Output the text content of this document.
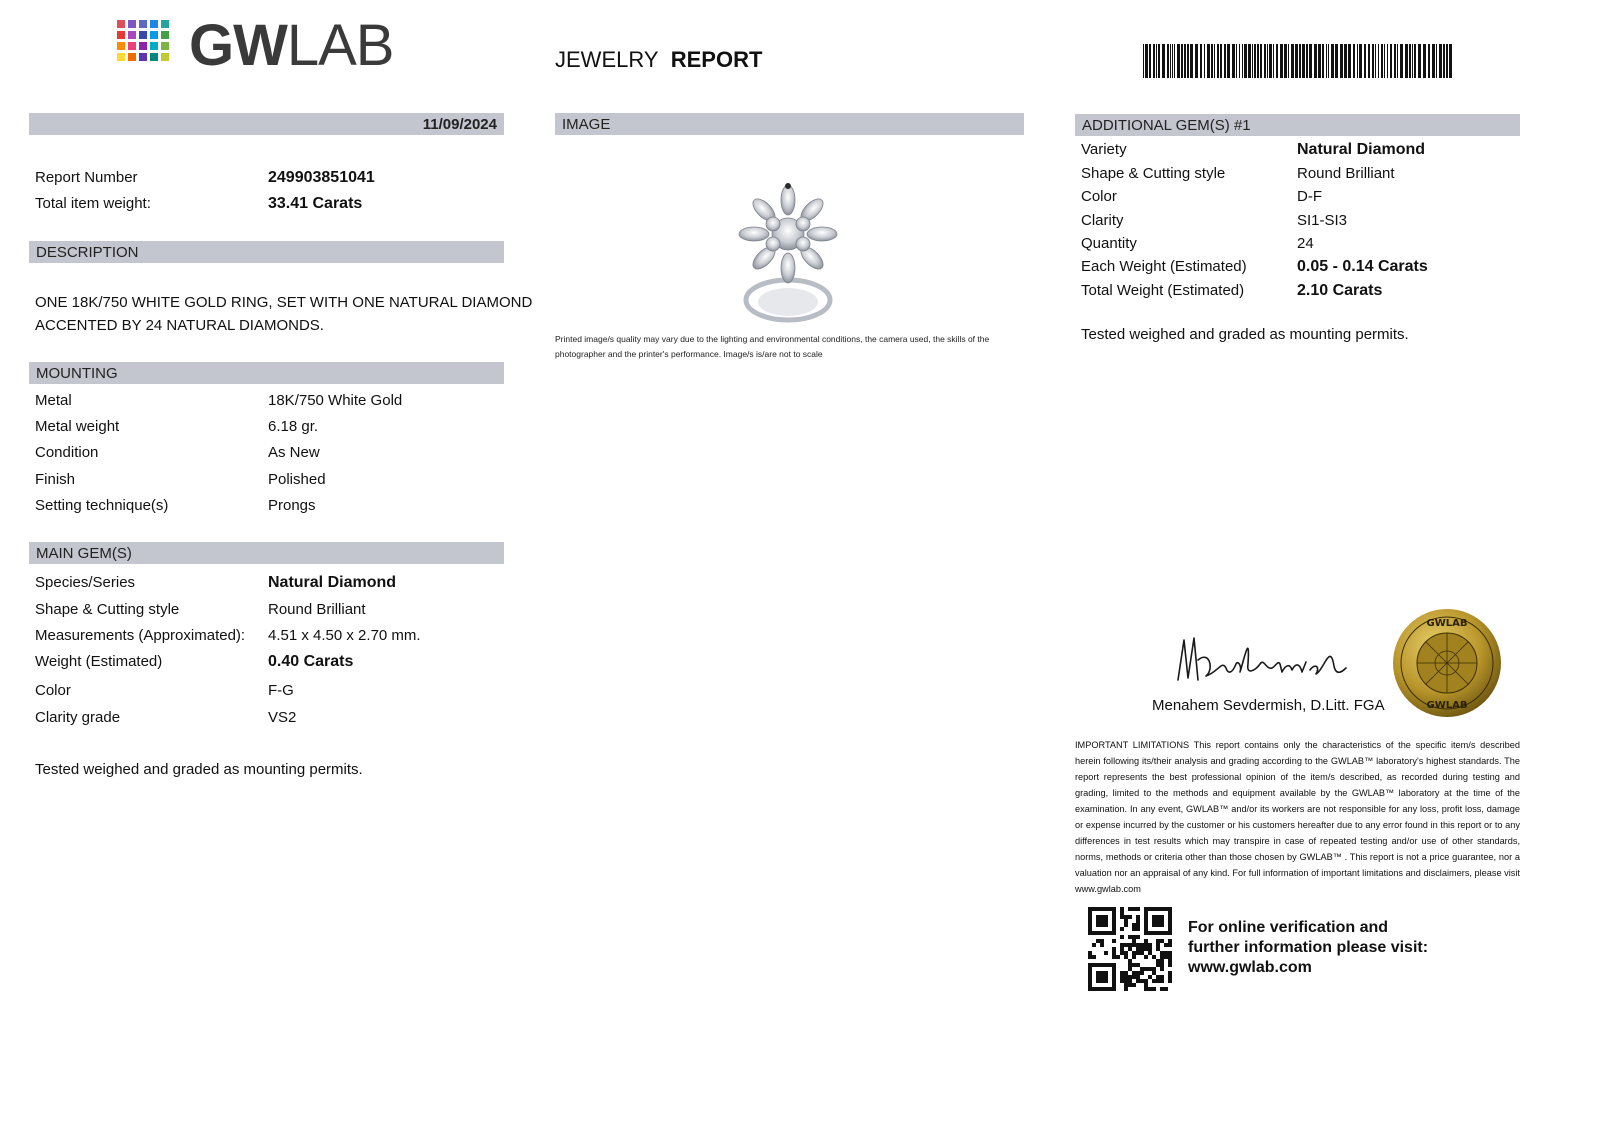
GWLAB	JEWELRY REPORT
11/09/2024
Report Number	249903851041
Total item weight:	33.41 Carats
DESCRIPTION
ONE 18K/750 WHITE GOLD RING, SET WITH ONE NATURAL DIAMOND
ACCENTED BY 24 NATURAL DIAMONDS.
MOUNTING
Metal	18K/750 White Gold
Metal weight	6.18 gr.
Condition	As New
Finish	Polished
Setting technique(s)	Prongs
MAIN GEM(S)
Species/Series	Natural Diamond
Shape & Cutting style	Round Brilliant
Measurements (Approximated): 4.51 x 4.50 x 2.70 mm.
Weight (Estimated)	0.40 Carats
Color	F-G
Clarity grade	VS2
Tested weighed and graded as mounting permits.
IMAGE
Printed image/s quality may vary due to the lighting and environmental conditions, the camera used, the skills of the
photographer and the printer's performance. Image/s is/are not to scale
ADDITIONAL GEM(S) #1
Variety	Natural Diamond
Shape & Cutting style	Round Brilliant
Color	D-F
Clarity	SI1-SI3
Quantity	24
Each Weight (Estimated)	0.05 - 0.14 Carats
Total Weight (Estimated)	2.10 Carats
Tested weighed and graded as mounting permits.
Menahem Sevdermish, D.Litt. FGA
GWLAB
GWLAB
IMPORTANT LIMITATIONS This report contains only the characteristics of the specific item/s described herein following its/their analysis and grading according to the GWLAB™ laboratory's highest standards. The report represents the best professional opinion of the item/s described, as recorded during testing and grading, limited to the methods and equipment available by the GWLAB™ laboratory at the time of the examination. In any event, GWLAB™ and/or its workers are not responsible for any loss, profit loss, damage or expense incurred by the customer or his customers hereafter due to any error found in this report or to any differences in test results which may transpire in case of repeated testing and/or use of other standards, norms, methods or criteria other than those chosen by GWLAB™ . This report is not a price guarantee, nor a valuation nor an appraisal of any kind. For full information of important limitations and disclaimers, please visit www.gwlab.com
For online verification and
further information please visit:
www.gwlab.com
